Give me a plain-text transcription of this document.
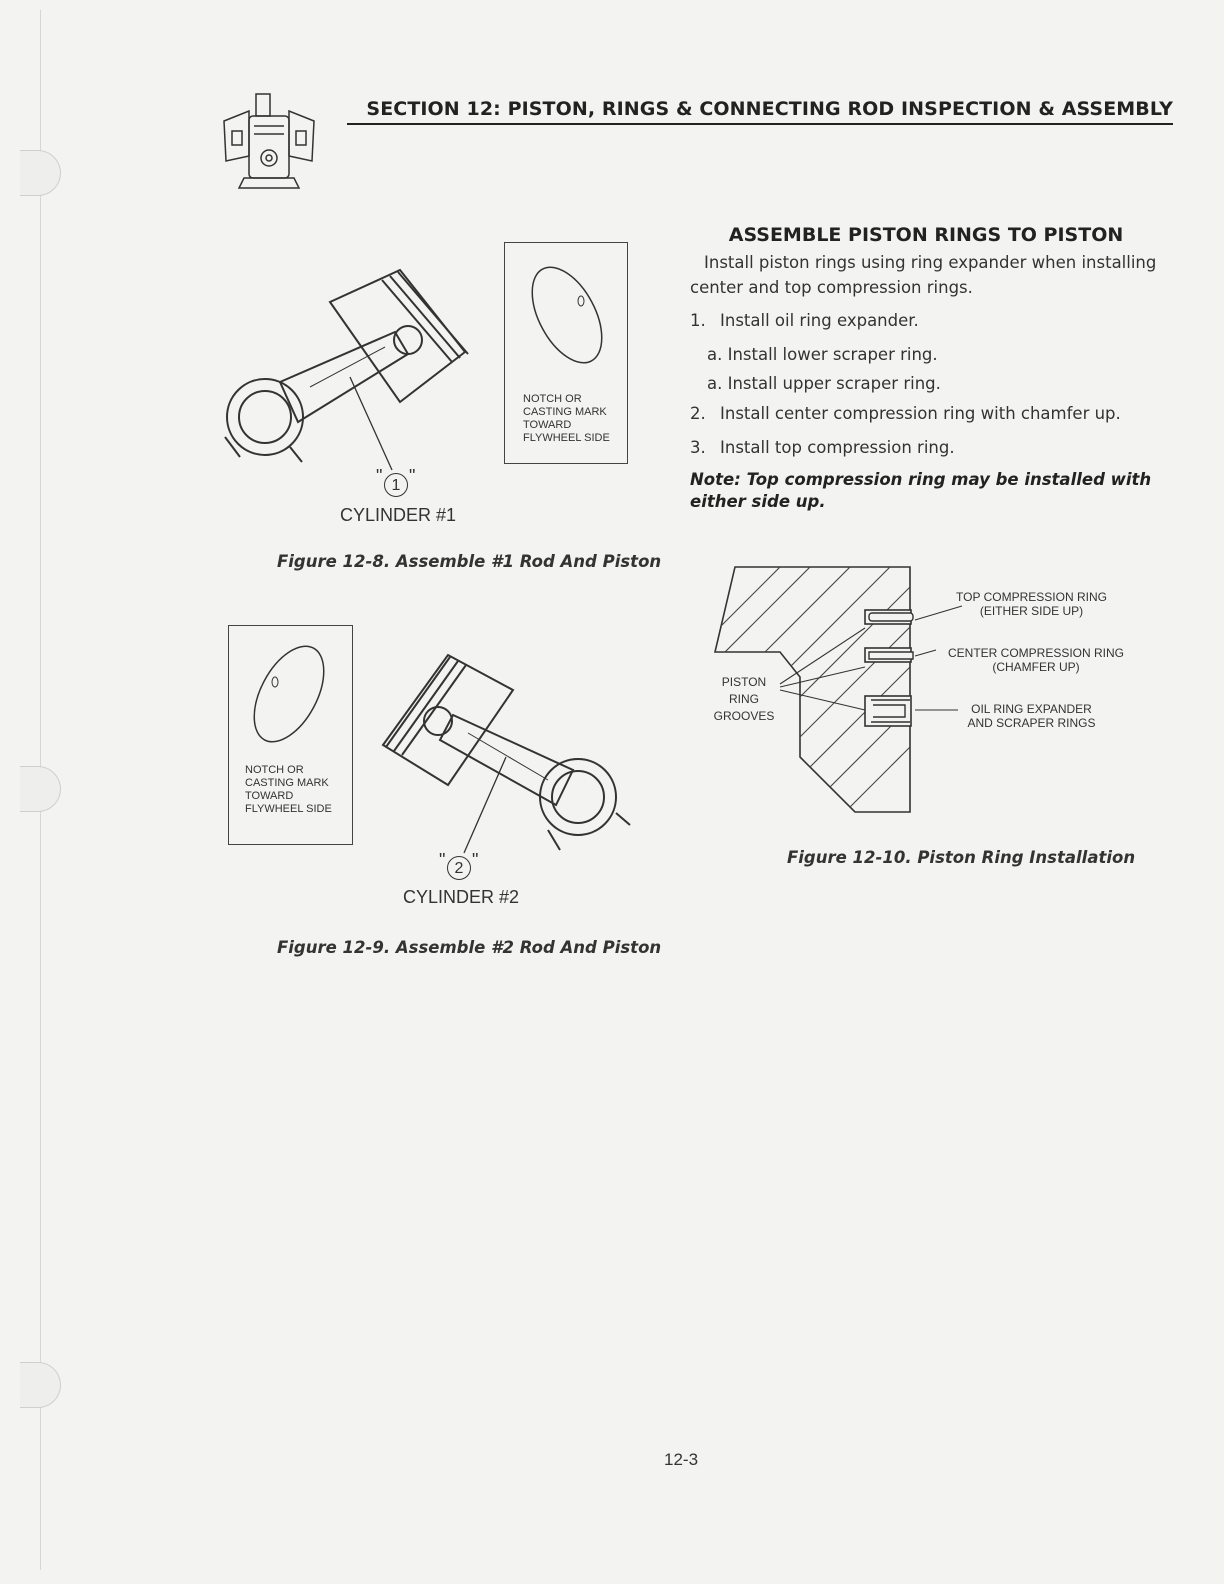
SECTION 12: PISTON, RINGS & CONNECTING ROD INSPECTION & ASSEMBLY
" 1 "
CYLINDER #1
NOTCH OR
CASTING MARK
TOWARD
FLYWHEEL SIDE
Figure 12-8. Assemble #1 Rod And Piston
NOTCH OR
CASTING MARK
TOWARD
FLYWHEEL SIDE
" 2 "
CYLINDER #2
Figure 12-9. Assemble #2 Rod And Piston
ASSEMBLE PISTON RINGS TO PISTON
Install piston rings using ring expander when installing center and top compression rings.
1. Install oil ring expander.
a. Install lower scraper ring.
a. Install upper scraper ring.
2. Install center compression ring with chamfer up.
3. Install top compression ring.
Note: Top compression ring may be installed with either side up.
TOP COMPRESSION RING
(EITHER SIDE UP)
CENTER COMPRESSION RING
(CHAMFER UP)
OIL RING EXPANDER
AND SCRAPER RINGS
PISTON
RING
GROOVES
Figure 12-10. Piston Ring Installation
12-3
